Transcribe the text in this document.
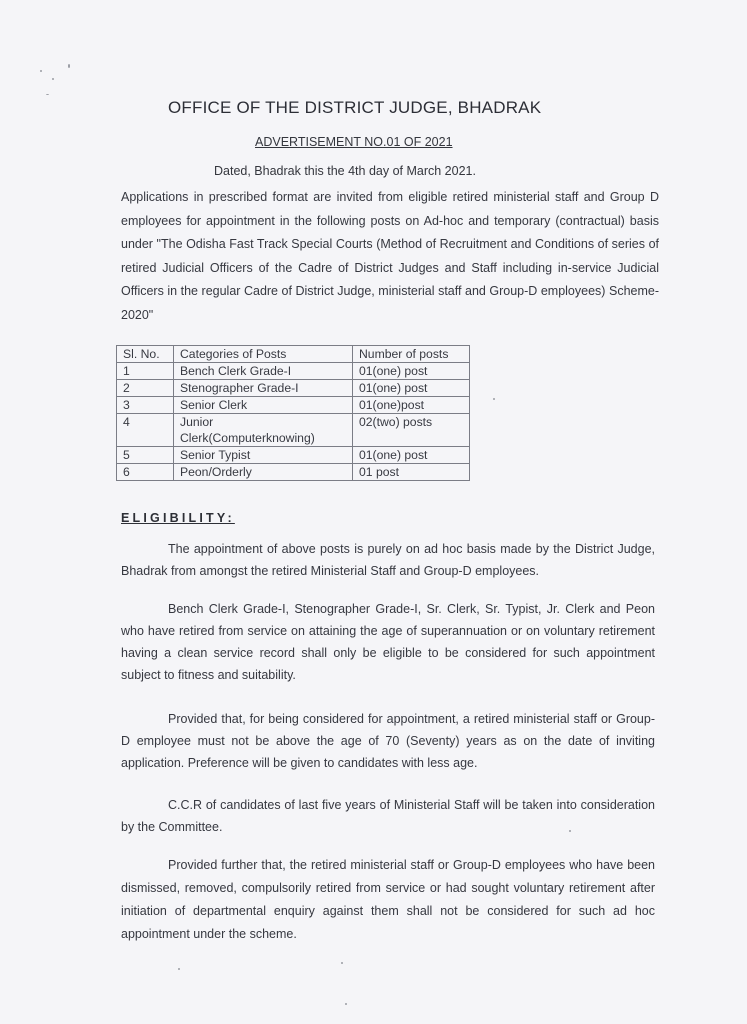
OFFICE OF THE DISTRICT JUDGE, BHADRAK
ADVERTISEMENT NO.01 OF 2021
Dated, Bhadrak this the 4th day of March 2021.
Applications in prescribed format are invited from eligible retired ministerial staff and Group D employees for appointment in the following posts on Ad-hoc and temporary (contractual) basis under "The Odisha Fast Track Special Courts (Method of Recruitment and Conditions of series of retired Judicial Officers of the Cadre of District Judges and Staff including in-service Judicial Officers in the regular Cadre of District Judge, ministerial staff and Group-D employees) Scheme-2020"
Sl. No.	Categories of Posts	Number of posts
1	Bench Clerk Grade-I	01(one) post
2	Stenographer Grade-I	01(one) post
3	Senior Clerk	01(one)post
4	Junior Clerk(Computerknowing)	02(two) posts
5	Senior Typist	01(one) post
6	Peon/Orderly	01 post
ELIGIBILITY:
The appointment of above posts is purely on ad hoc basis made by the District Judge, Bhadrak from amongst the retired Ministerial Staff and Group-D employees.
Bench Clerk Grade-I, Stenographer Grade-I, Sr. Clerk, Sr. Typist, Jr. Clerk and Peon who have retired from service on attaining the age of superannuation or on voluntary retirement having a clean service record shall only be eligible to be considered for such appointment subject to fitness and suitability.
Provided that, for being considered for appointment, a retired ministerial staff or Group-D employee must not be above the age of 70 (Seventy) years as on the date of inviting application. Preference will be given to candidates with less age.
C.C.R of candidates of last five years of Ministerial Staff will be taken into consideration by the Committee.
Provided further that, the retired ministerial staff or Group-D employees who have been dismissed, removed, compulsorily retired from service or had sought voluntary retirement after initiation of departmental enquiry against them shall not be considered for such ad hoc appointment under the scheme.
